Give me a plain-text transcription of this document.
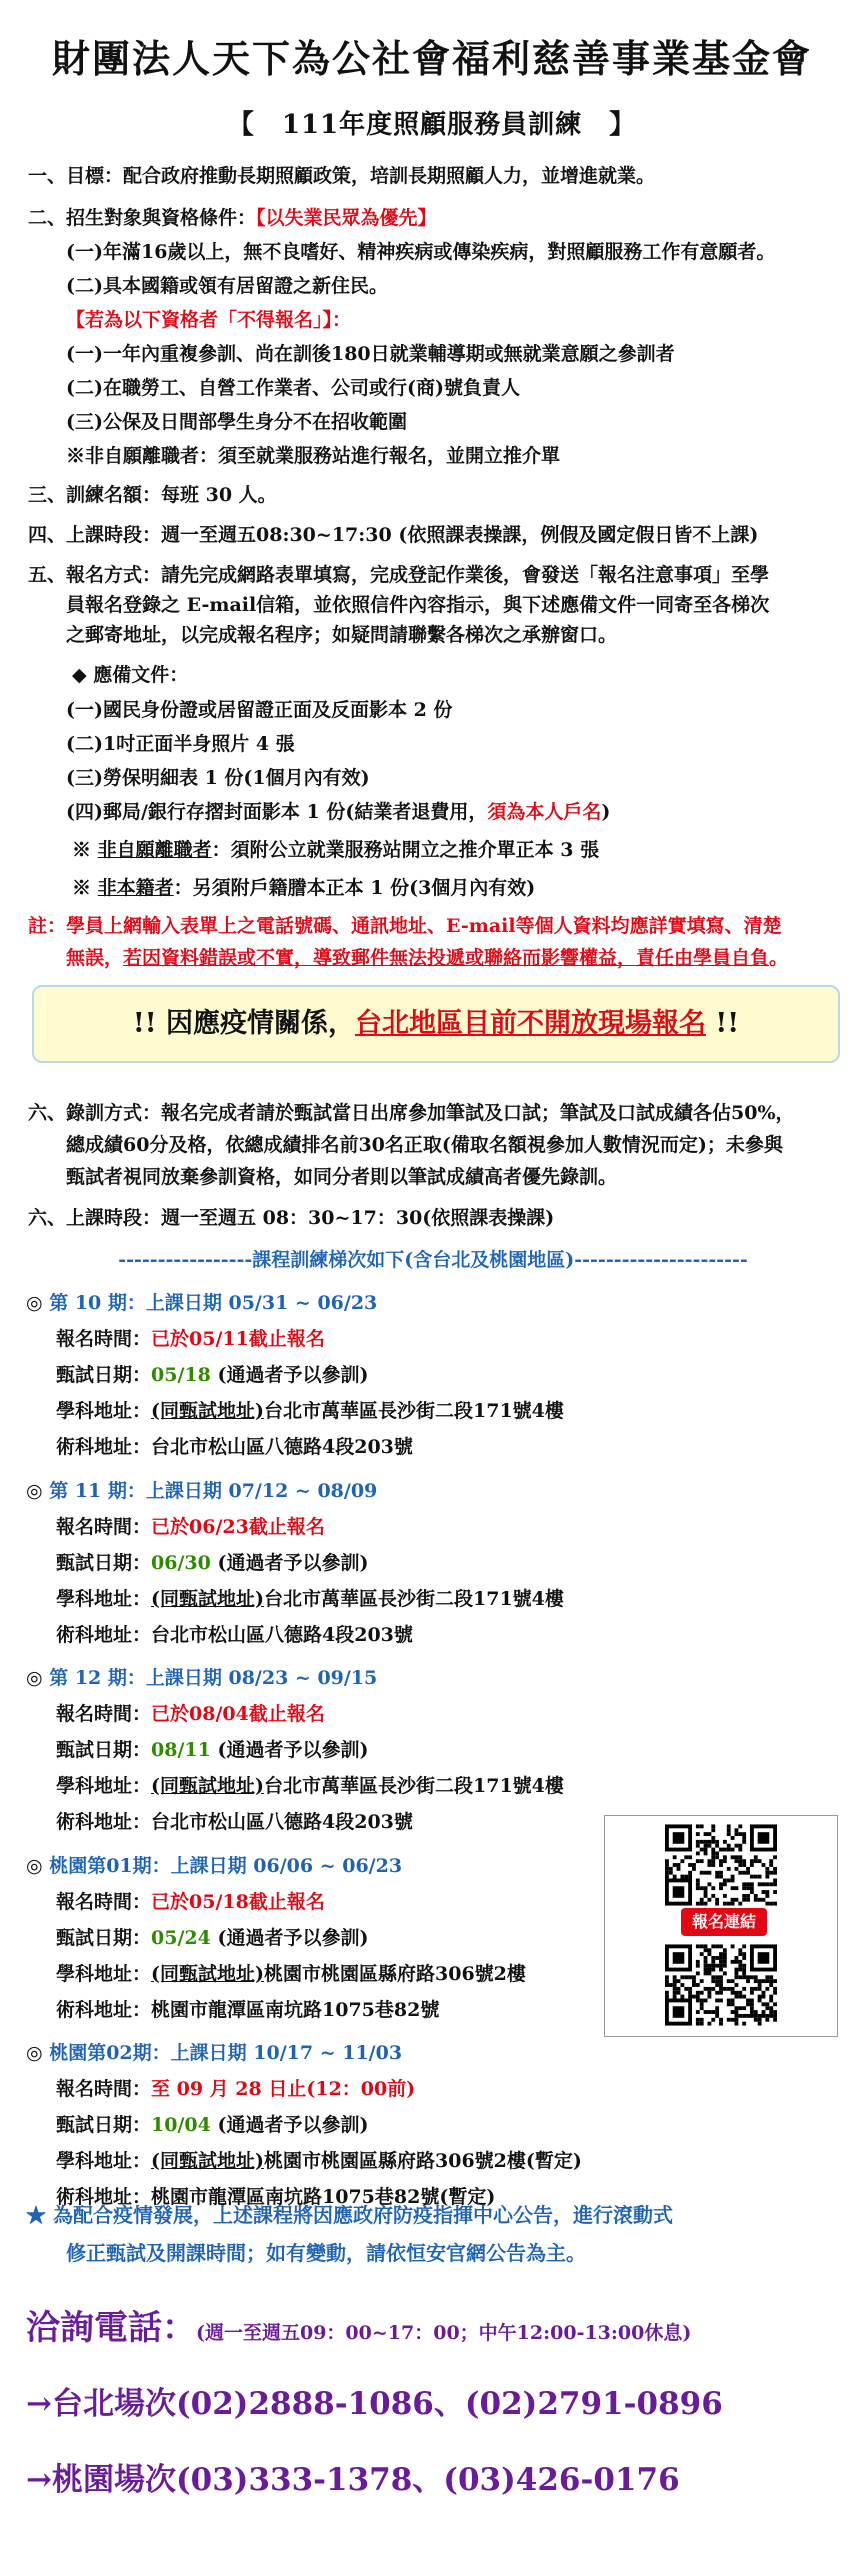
財團法人天下為公社會福利慈善事業基金會
【　111年度照顧服務員訓練　】
一、目標：配合政府推動長期照顧政策，培訓長期照顧人力，並增進就業。
二、招生對象與資格條件：【以失業民眾為優先】
(一)年滿16歲以上，無不良嗜好、精神疾病或傳染疾病，對照顧服務工作有意願者。
(二)具本國籍或領有居留證之新住民。
【若為以下資格者「不得報名」】：
(一)一年內重複參訓、尚在訓後180日就業輔導期或無就業意願之參訓者
(二)在職勞工、自營工作業者、公司或行(商)號負責人
(三)公保及日間部學生身分不在招收範圍
※非自願離職者：須至就業服務站進行報名，並開立推介單
三、訓練名額：每班 30 人。
四、上課時段：週一至週五08:30~17:30 (依照課表操課，例假及國定假日皆不上課)
五、報名方式：請先完成網路表單填寫，完成登記作業後，會發送「報名注意事項」至學
員報名登錄之 E-mail信箱，並依照信件內容指示，與下述應備文件一同寄至各梯次
之郵寄地址，以完成報名程序；如疑問請聯繫各梯次之承辦窗口。
◆ 應備文件：
(一)國民身份證或居留證正面及反面影本 2 份
(二)1吋正面半身照片 4 張
(三)勞保明細表 1 份(1個月內有效)
(四)郵局/銀行存摺封面影本 1 份(結業者退費用，須為本人戶名)
※ 非自願離職者：須附公立就業服務站開立之推介單正本 3 張
※ 非本籍者：另須附戶籍謄本正本 1 份(3個月內有效)
註：學員上網輸入表單上之電話號碼、通訊地址、E-mail等個人資料均應詳實填寫、清楚
無誤，若因資料錯誤或不實，導致郵件無法投遞或聯絡而影響權益，責任由學員自負。
!! 因應疫情關係，台北地區目前不開放現場報名 !!
六、錄訓方式：報名完成者請於甄試當日出席參加筆試及口試；筆試及口試成績各佔50%，
總成績60分及格，依總成績排名前30名正取(備取名額視參加人數情況而定)；未參與
甄試者視同放棄參訓資格，如同分者則以筆試成績高者優先錄訓。
六、上課時段：週一至週五 08：30~17：30(依照課表操課)
-----------------課程訓練梯次如下(含台北及桃園地區)----------------------
◎ 第 10 期：上課日期 05/31 ~ 06/23
報名時間：已於05/11截止報名
甄試日期：05/18 (通過者予以參訓)
學科地址：(同甄試地址)台北市萬華區長沙街二段171號4樓
術科地址：台北市松山區八德路4段203號
◎ 第 11 期：上課日期 07/12 ~ 08/09
報名時間：已於06/23截止報名
甄試日期：06/30 (通過者予以參訓)
學科地址：(同甄試地址)台北市萬華區長沙街二段171號4樓
術科地址：台北市松山區八德路4段203號
◎ 第 12 期：上課日期 08/23 ~ 09/15
報名時間：已於08/04截止報名
甄試日期：08/11 (通過者予以參訓)
學科地址：(同甄試地址)台北市萬華區長沙街二段171號4樓
術科地址：台北市松山區八德路4段203號
◎ 桃園第01期：上課日期 06/06 ~ 06/23
報名時間：已於05/18截止報名
甄試日期：05/24 (通過者予以參訓)
學科地址：(同甄試地址)桃園市桃園區縣府路306號2樓
術科地址：桃園市龍潭區南坑路1075巷82號
◎ 桃園第02期：上課日期 10/17 ~ 11/03
報名時間：至 09 月 28 日止(12：00前)
甄試日期：10/04 (通過者予以參訓)
學科地址：(同甄試地址)桃園市桃園區縣府路306號2樓(暫定)
術科地址：桃園市龍潭區南坑路1075巷82號(暫定)
報名連結
★ 為配合疫情發展，上述課程將因應政府防疫指揮中心公告，進行滾動式
修正甄試及開課時間；如有變動，請依恒安官網公告為主。
洽詢電話：(週一至週五09：00~17：00；中午12:00-13:00休息)
→台北場次(02)2888-1086、(02)2791-0896
→桃園場次(03)333-1378、(03)426-0176
